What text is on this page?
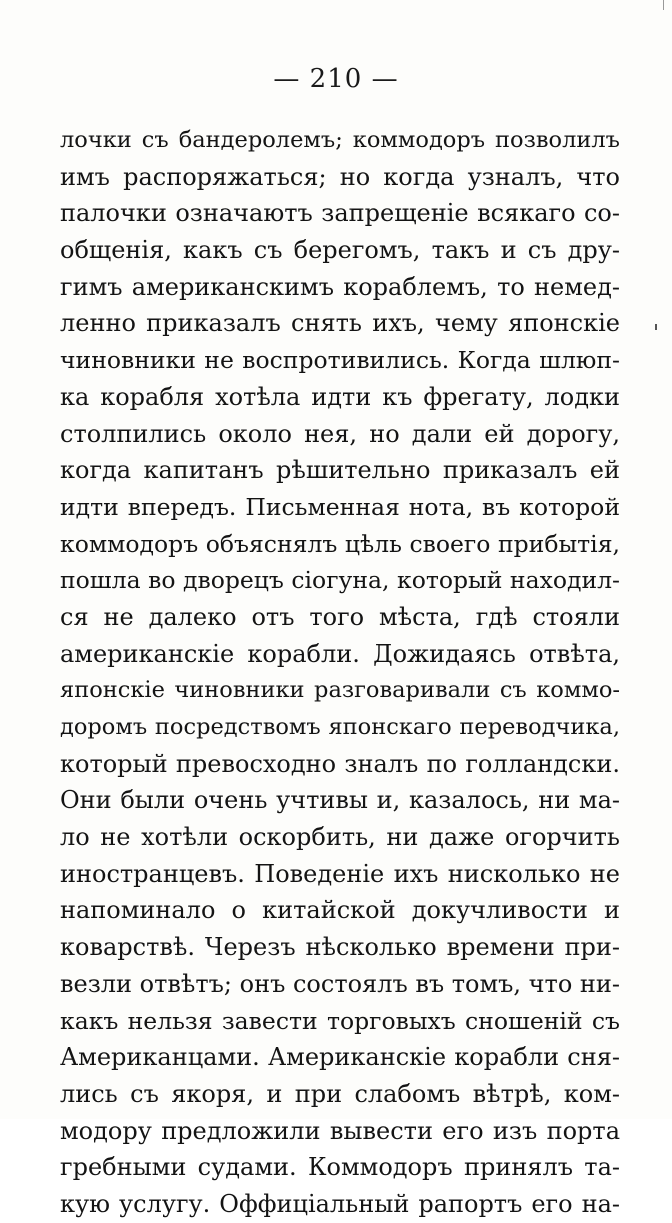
— 210 —
лочки съ бандеролемъ; коммодоръ позволилъ
имъ распоряжаться; но когда узналъ, что
палочки означаютъ запрещеніе всякаго со-
общенія, какъ съ берегомъ, такъ и съ дру-
гимъ американскимъ кораблемъ, то немед-
ленно приказалъ снять ихъ, чему японскіе
чиновники не воспротивились. Когда шлюп-
ка корабля хотѣла идти къ фрегату, лодки
столпились около нея, но дали ей дорогу,
когда капитанъ рѣшительно приказалъ ей
идти впередъ. Письменная нота, въ которой
коммодоръ объяснялъ цѣль своего прибытія,
пошла во дворецъ сіогуна, который находил-
ся не далеко отъ того мѣста, гдѣ стояли
американскіе корабли. Дожидаясь отвѣта,
японскіе чиновники разговаривали съ коммо-
доромъ посредствомъ японскаго переводчика,
который превосходно зналъ по голландски.
Они были очень учтивы и, казалось, ни ма-
ло не хотѣли оскорбить, ни даже огорчить
иностранцевъ. Поведеніе ихъ нисколько не
напоминало о китайской докучливости и
коварствѣ. Черезъ нѣсколько времени при-
везли отвѣтъ; онъ состоялъ въ томъ, что ни-
какъ нельзя завести торговыхъ сношеній съ
Американцами. Американскіе корабли сня-
лись съ якоря, и при слабомъ вѣтрѣ, ком-
модору предложили вывести его изъ порта
гребными судами. Коммодоръ принялъ та-
кую услугу. Оффиціальный рапортъ его на-
